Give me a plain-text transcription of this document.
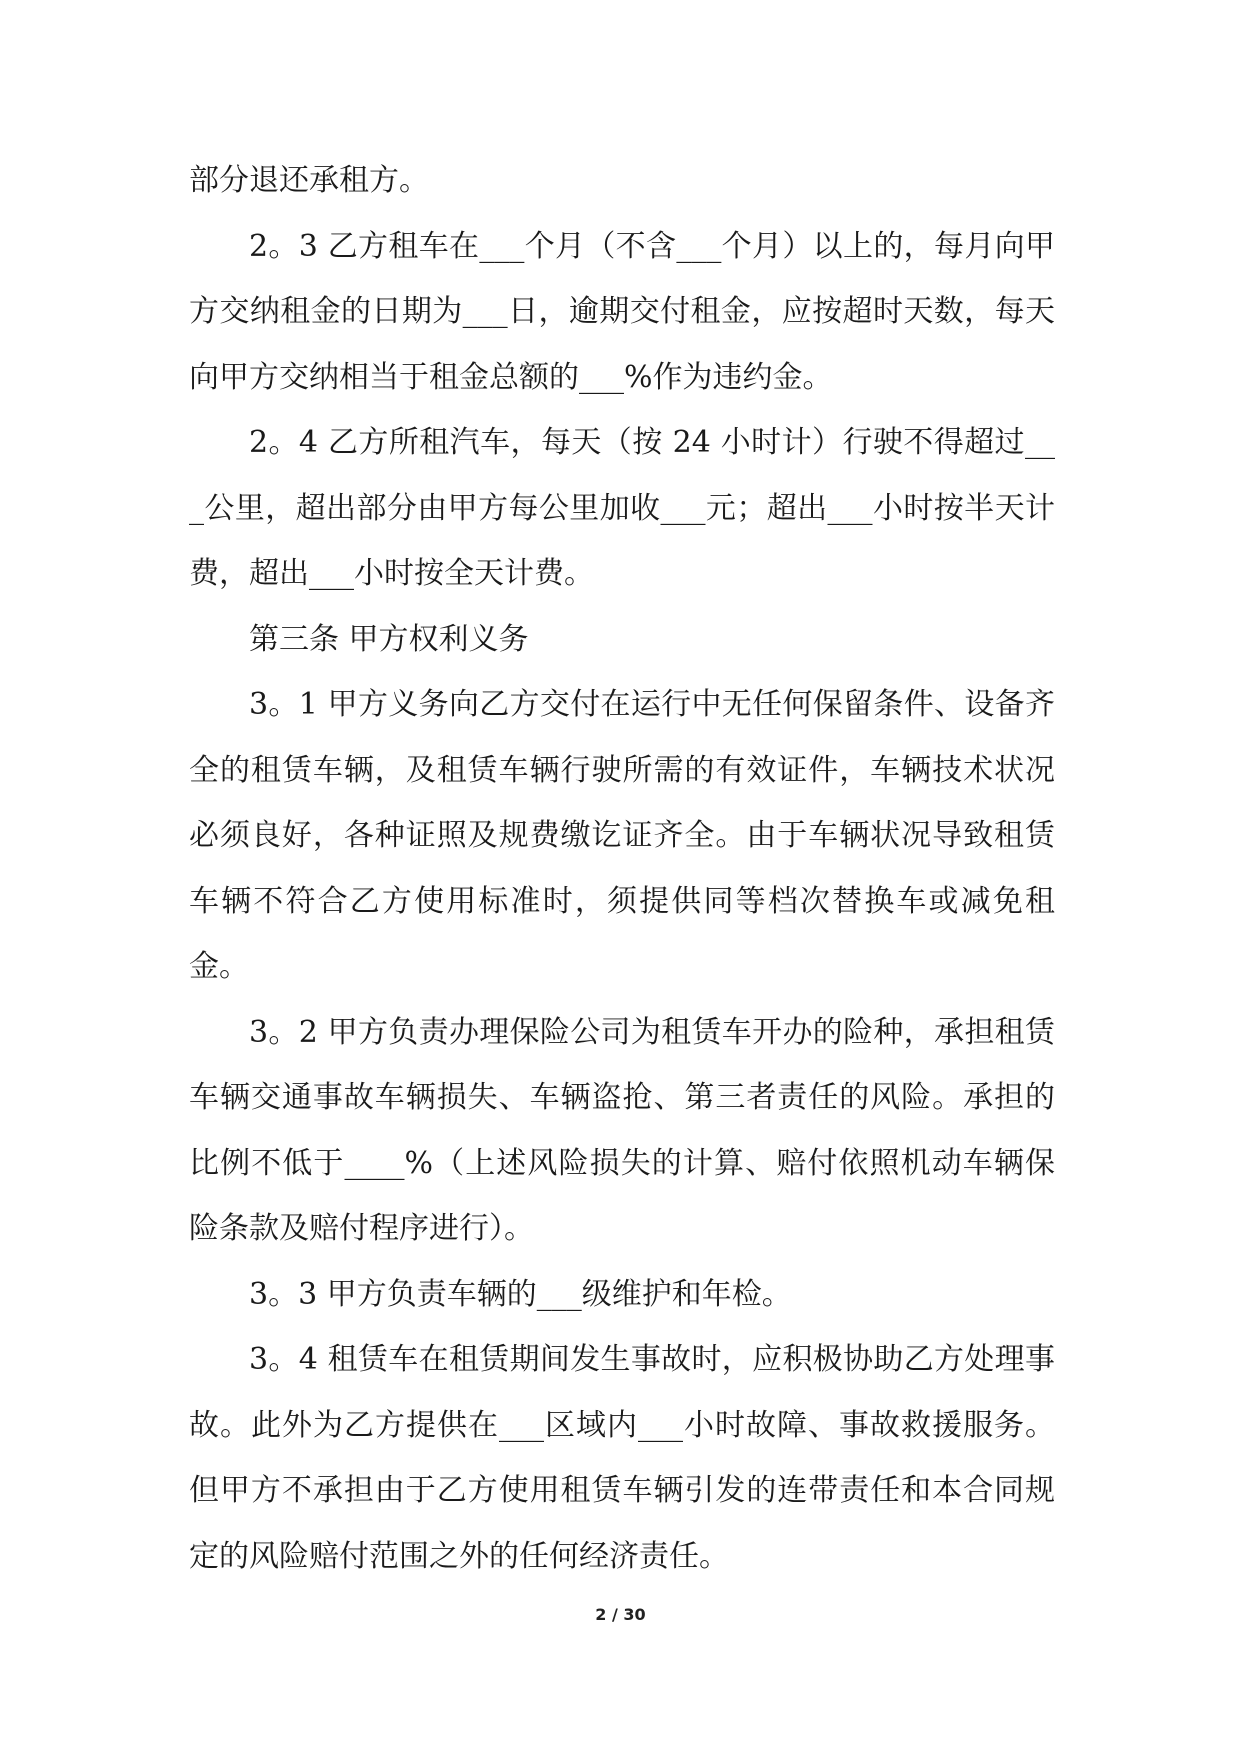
部分退还承租方。

2。3 乙方租车在___个月（不含___个月）以上的，每月向甲方交纳租金的日期为___日，逾期交付租金，应按超时天数，每天向甲方交纳相当于租金总额的___%作为违约金。

2。4 乙方所租汽车，每天（按 24 小时计）行驶不得超过___公里，超出部分由甲方每公里加收___元；超出___小时按半天计费，超出___小时按全天计费。

第三条 甲方权利义务

3。1 甲方义务向乙方交付在运行中无任何保留条件、设备齐全的租赁车辆，及租赁车辆行驶所需的有效证件，车辆技术状况必须良好，各种证照及规费缴讫证齐全。由于车辆状况导致租赁车辆不符合乙方使用标准时，须提供同等档次替换车或减免租金。

3。2 甲方负责办理保险公司为租赁车开办的险种，承担租赁车辆交通事故车辆损失、车辆盗抢、第三者责任的风险。承担的比例不低于____%（上述风险损失的计算、赔付依照机动车辆保险条款及赔付程序进行）。

3。3 甲方负责车辆的___级维护和年检。

3。4 租赁车在租赁期间发生事故时，应积极协助乙方处理事故。此外为乙方提供在___区域内___小时故障、事故救援服务。但甲方不承担由于乙方使用租赁车辆引发的连带责任和本合同规定的风险赔付范围之外的任何经济责任。

2 / 30
